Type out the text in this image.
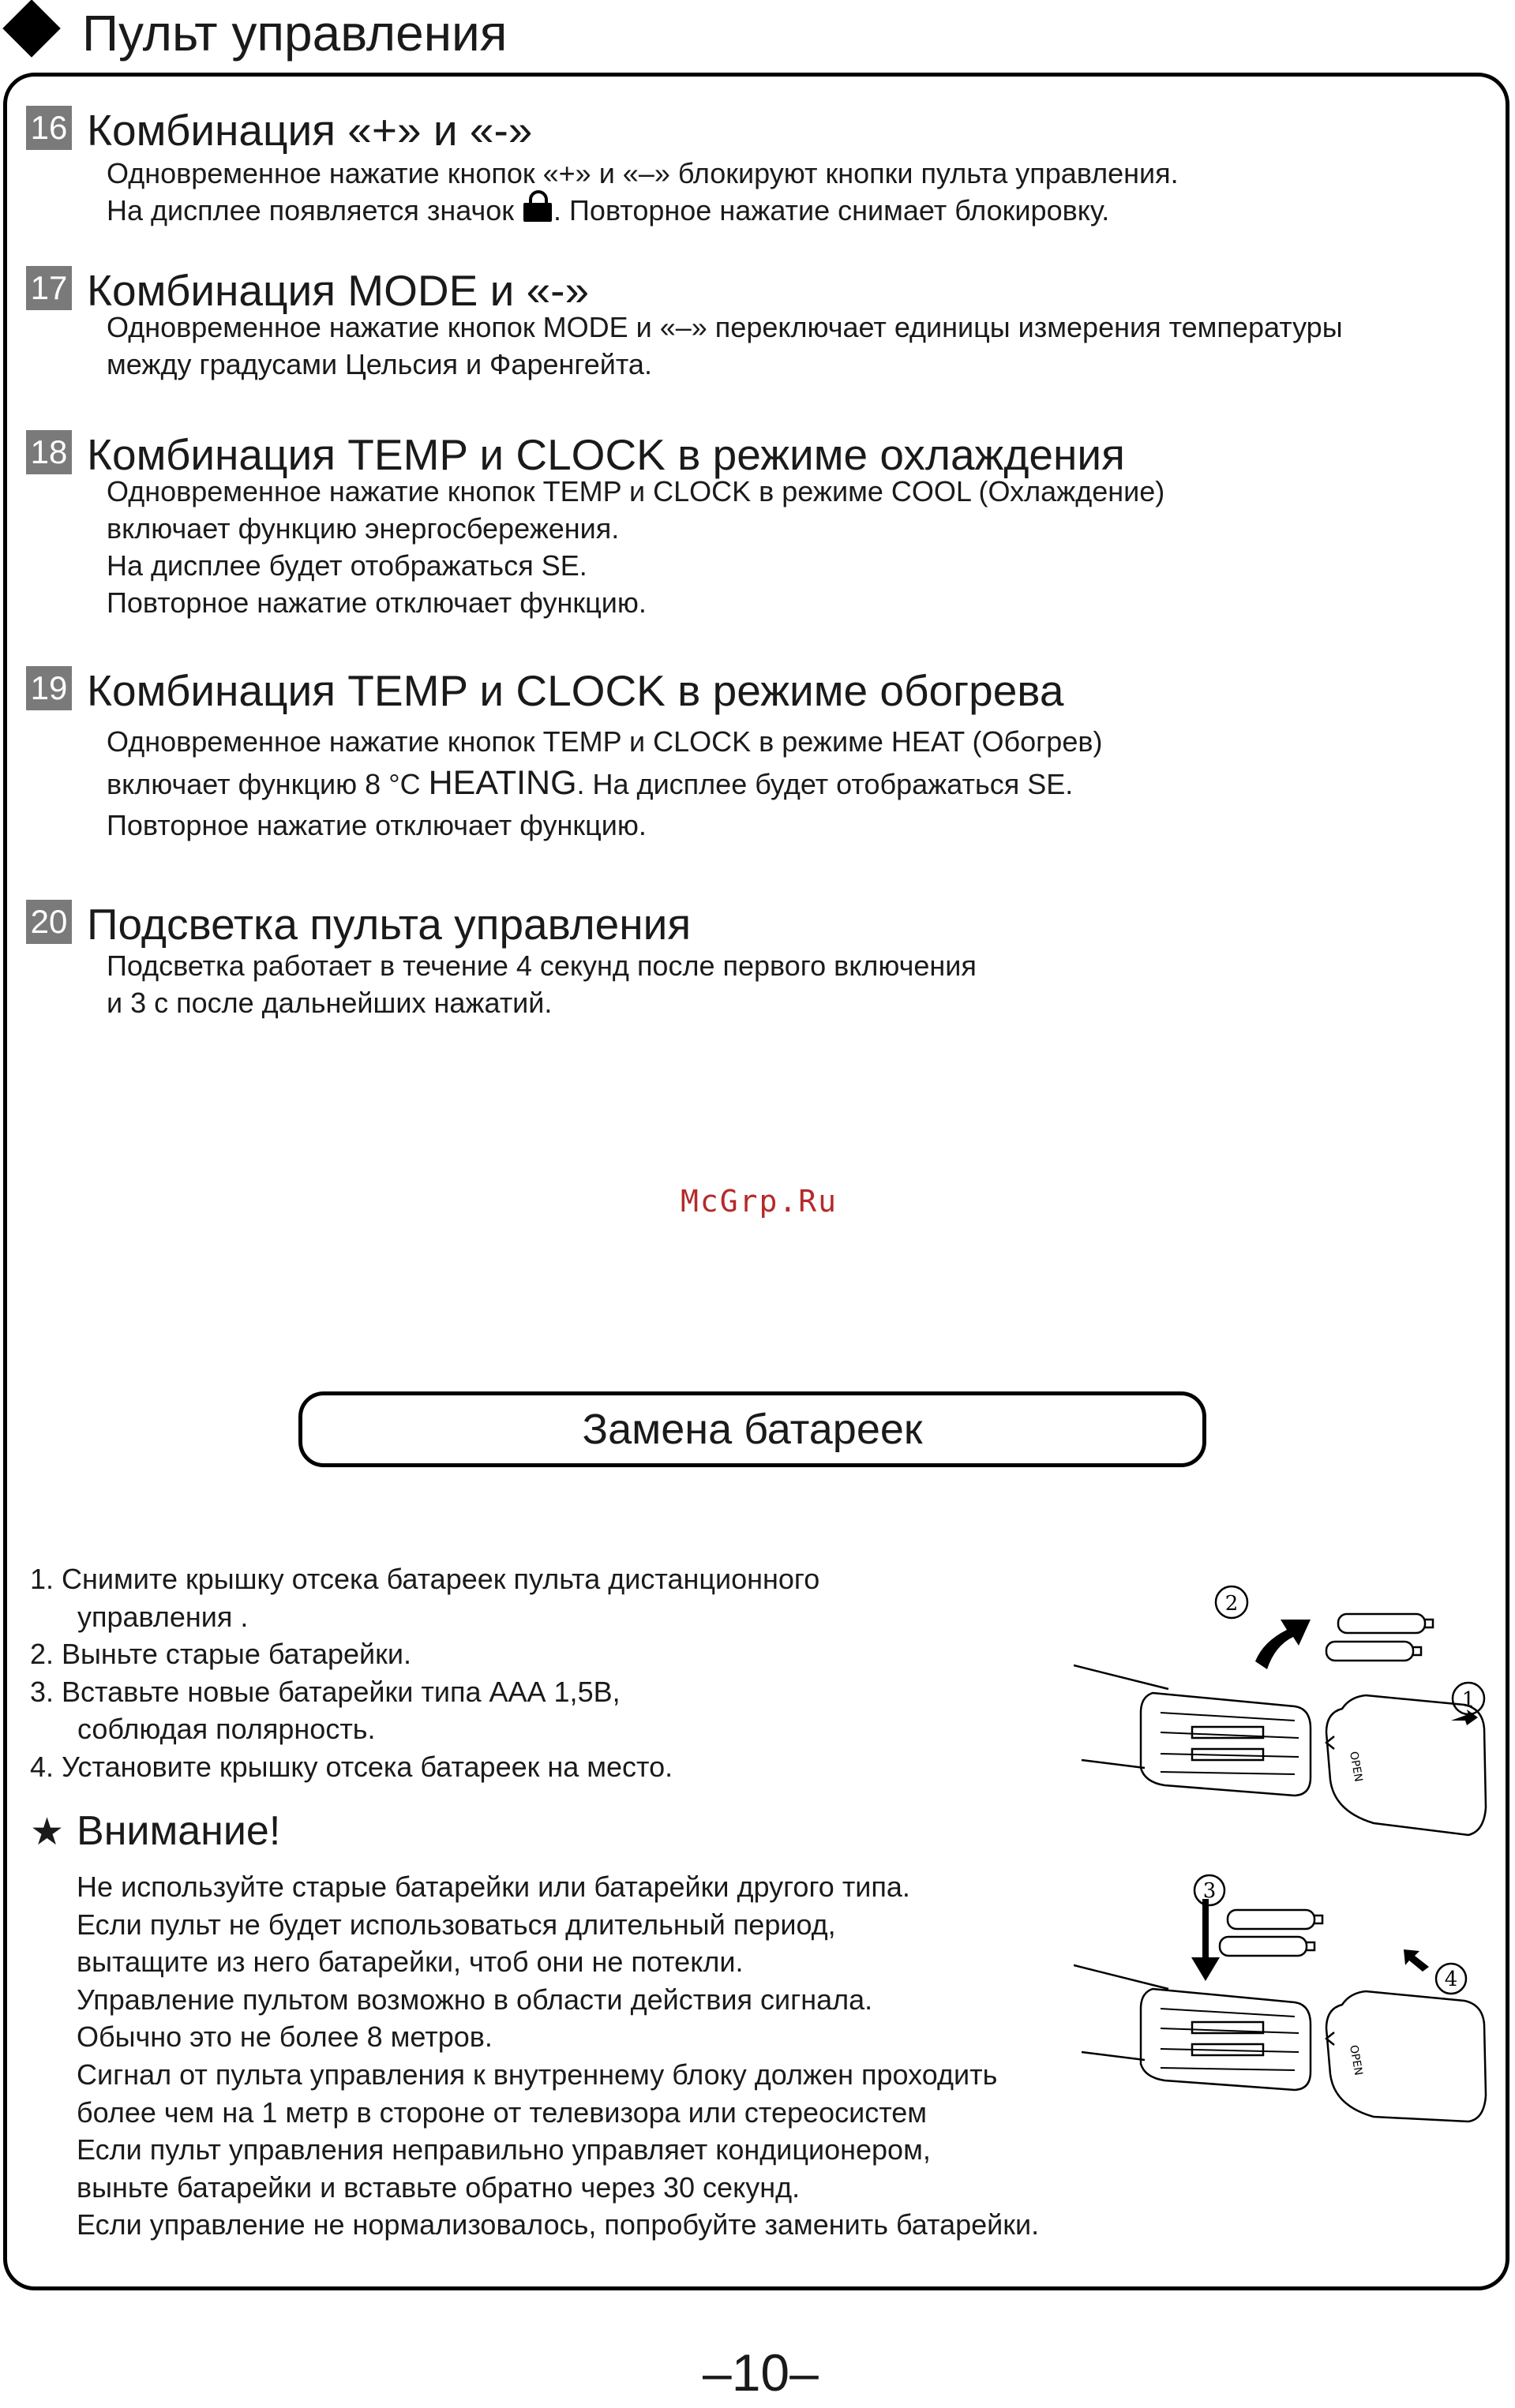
Пульт управления
16 Комбинация «+» и «-»

Одновременное нажатие кнопок «+» и «–» блокируют кнопки пульта управления.

На дисплее появляется значок . Повторное нажатие снимает блокировку.

17 Комбинация MODE и «-»

Одновременное нажатие кнопок MODE и «–» переключает единицы измерения температуры

между градусами Цельсия и Фаренгейта.

18 Комбинация TEMP и CLOCK в режиме охлаждения

Одновременное нажатие кнопок TEMP и CLOCK в режиме COOL (Охлаждение)

включает функцию энергосбережения.

На дисплее будет отображаться SE.

Повторное нажатие отключает функцию.

19 Комбинация TEMP и CLOCK в режиме обогрева

Одновременное нажатие кнопок TEMP и CLOCK в режиме HEAT (Обогрев)

включает функцию 8 °C HEATING. На дисплее будет отображаться SE.

Повторное нажатие отключает функцию.

20 Подсветка пульта управления

Подсветка работает в течение 4 секунд после первого включения

и 3 с после дальнейших нажатий.

McGrp.Ru
Замена батареек
1. Снимите крышку отсека батареек пульта дистанционного
управления .
2. Выньте старые батарейки.
3. Вставьте новые батарейки типа ААА 1,5В,
соблюдая полярность.
4. Установите крышку отсека батареек на место.
★ Внимание!

Не используйте старые батарейки или батарейки другого типа.

Если пульт не будет использоваться длительный период,

вытащите из него батарейки, чтоб они не потекли.

Управление пультом возможно в области действия сигнала.

Обычно это не более 8 метров.

Сигнал от пульта управления к внутреннему блоку должен проходить

более чем на 1 метр в стороне от телевизора или стереосистем

Если пульт управления неправильно управляет кондиционером,

выньте батарейки и вставьте обратно через 30 секунд.

Если управление не нормализовалось, попробуйте заменить батарейки.

OPEN
2
1
OPEN
3
4
–10–
